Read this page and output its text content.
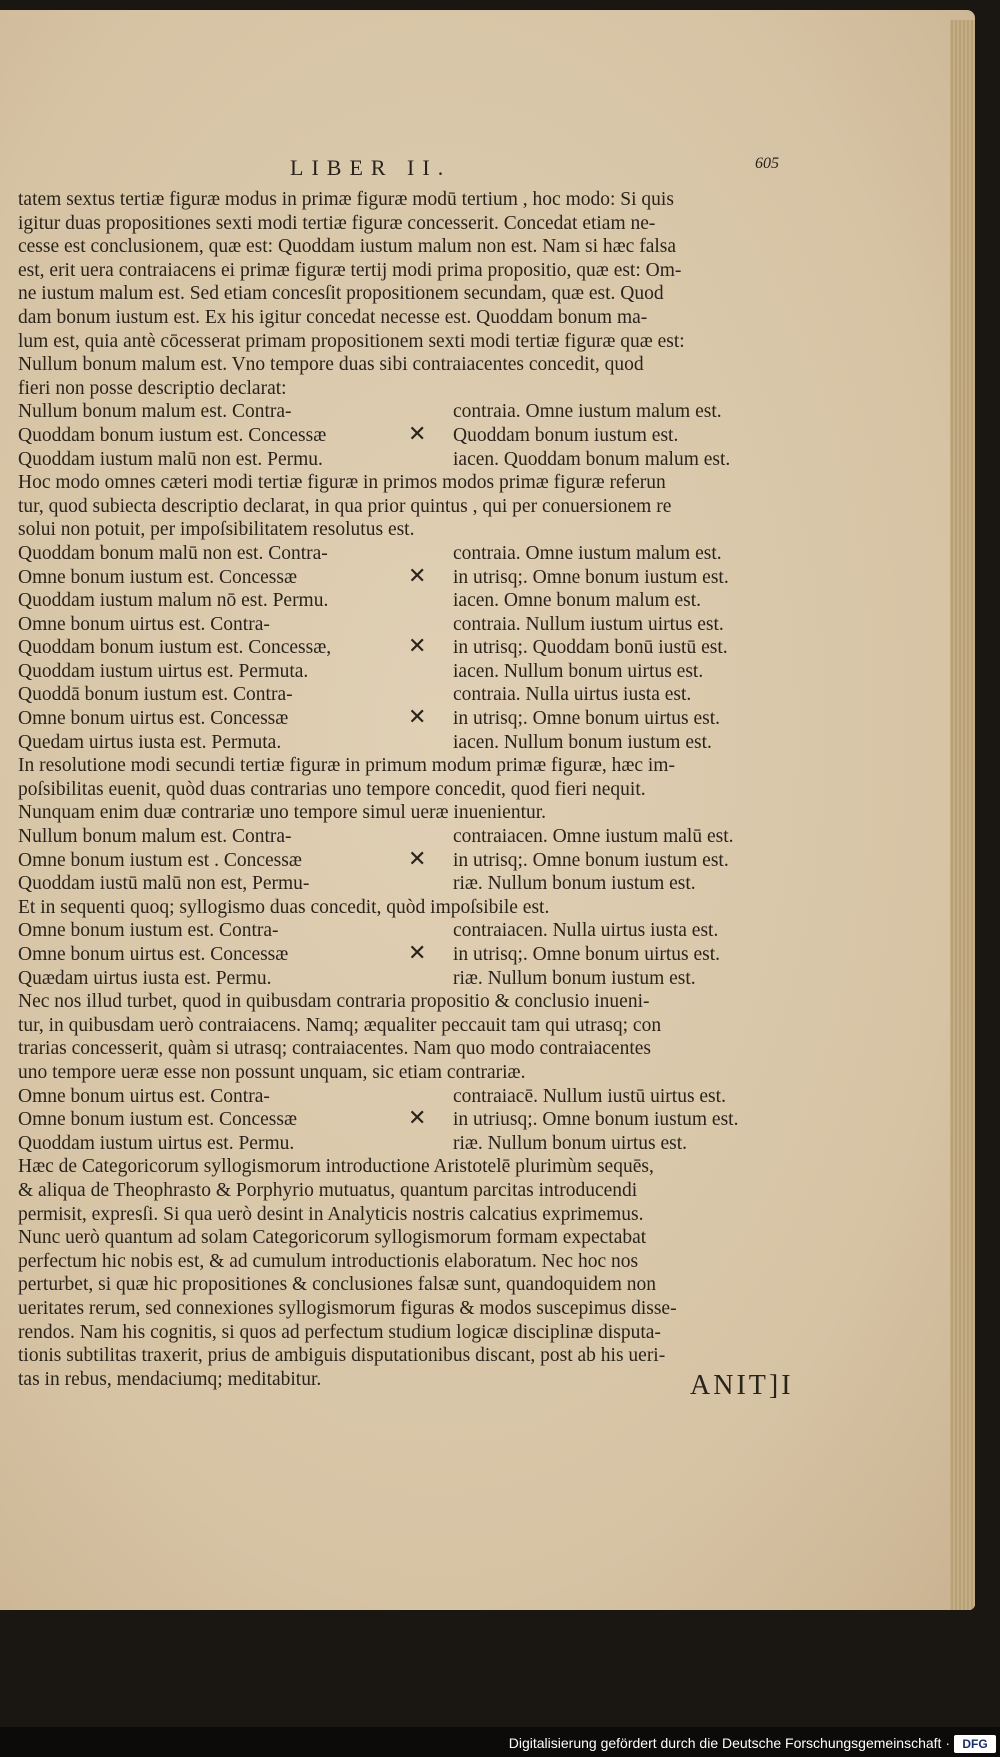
LIBER II.	605
tatem sextus tertiæ figuræ modus in primæ figuræ modū tertium , hoc modo: Si quis
igitur duas propositiones sexti modi tertiæ figuræ concesserit. Concedat etiam ne-
cesse est conclusionem, quæ est: Quoddam iustum malum non est. Nam si hæc falsa
est, erit uera contraiacens ei primæ figuræ tertij modi prima propositio, quæ est: Om-
ne iustum malum est. Sed etiam concesſit propositionem secundam, quæ est. Quod
dam bonum iustum est. Ex his igitur concedat necesse est. Quoddam bonum ma-
lum est, quia antè cōcesserat primam propositionem sexti modi tertiæ figuræ quæ est:
Nullum bonum malum est. Vno tempore duas sibi contraiacentes concedit, quod
fieri non posse descriptio declarat:
Nullum bonum malum est. Contra-	contraia. Omne iustum malum est.
Quoddam bonum iustum est. Concessæ	✕ Quoddam bonum iustum est.
Quoddam iustum malū non est. Permu.	iacen. Quoddam bonum malum est.
Hoc modo omnes cæteri modi tertiæ figuræ in primos modos primæ figuræ referun
tur, quod subiecta descriptio declarat, in qua prior quintus , qui per conuersionem re
solui non potuit, per impoſsibilitatem resolutus est.
Quoddam bonum malū non est. Contra-	contraia. Omne iustum malum est.
Omne bonum iustum est. Concessæ	✕ in utrisq;. Omne bonum iustum est.
Quoddam iustum malum nō est. Permu.	iacen. Omne bonum malum est.
Omne bonum uirtus est. Contra-	contraia. Nullum iustum uirtus est.
Quoddam bonum iustum est. Concessæ,	✕ in utrisq;. Quoddam bonū iustū est.
Quoddam iustum uirtus est. Permuta.	iacen. Nullum bonum uirtus est.
Quoddā bonum iustum est. Contra-	contraia. Nulla uirtus iusta est.
Omne bonum uirtus est. Concessæ	✕ in utrisq;. Omne bonum uirtus est.
Quedam uirtus iusta est. Permuta.	iacen. Nullum bonum iustum est.
In resolutione modi secundi tertiæ figuræ in primum modum primæ figuræ, hæc im-
poſsibilitas euenit, quòd duas contrarias uno tempore concedit, quod fieri nequit.
Nunquam enim duæ contrariæ uno tempore simul ueræ inuenientur.
Nullum bonum malum est. Contra-	contraiacen. Omne iustum malū est.
Omne bonum iustum est . Concessæ	✕ in utrisq;. Omne bonum iustum est.
Quoddam iustū malū non est, Permu-	riæ. Nullum bonum iustum est.
Et in sequenti quoq; syllogismo duas concedit, quòd impoſsibile est.
Omne bonum iustum est. Contra-	contraiacen. Nulla uirtus iusta est.
Omne bonum uirtus est. Concessæ	✕ in utrisq;. Omne bonum uirtus est.
Quædam uirtus iusta est. Permu.	riæ. Nullum bonum iustum est.
Nec nos illud turbet, quod in quibusdam contraria propositio & conclusio inueni-
tur, in quibusdam uerò contraiacens. Namq; æqualiter peccauit tam qui utrasq; con
trarias concesserit, quàm si utrasq; contraiacentes. Nam quo modo contraiacentes
uno tempore ueræ esse non possunt unquam, sic etiam contrariæ.
Omne bonum uirtus est. Contra-	contraiacē. Nullum iustū uirtus est.
Omne bonum iustum est. Concessæ	✕ in utriusq;. Omne bonum iustum est.
Quoddam iustum uirtus est. Permu.	riæ. Nullum bonum uirtus est.
Hæc de Categoricorum syllogismorum introductione Aristotelē plurimùm sequēs,
& aliqua de Theophrasto & Porphyrio mutuatus, quantum parcitas introducendi
permisit, expresſi. Si qua uerò desint in Analyticis nostris calcatius exprimemus.
Nunc uerò quantum ad solam Categoricorum syllogismorum formam expectabat
perfectum hic nobis est, & ad cumulum introductionis elaboratum. Nec hoc nos
perturbet, si quæ hic propositiones & conclusiones falsæ sunt, quandoquidem non
ueritates rerum, sed connexiones syllogismorum figuras & modos suscepimus disse-
rendos. Nam his cognitis, si quos ad perfectum studium logicæ disciplinæ disputa-
tionis subtilitas traxerit, prius de ambiguis disputationibus discant, post ab his ueri-
tas in rebus, mendaciumq; meditabitur.	ANIT]I
Digitalisierung gefördert durch die Deutsche Forschungsgemeinschaft ·	DFG
